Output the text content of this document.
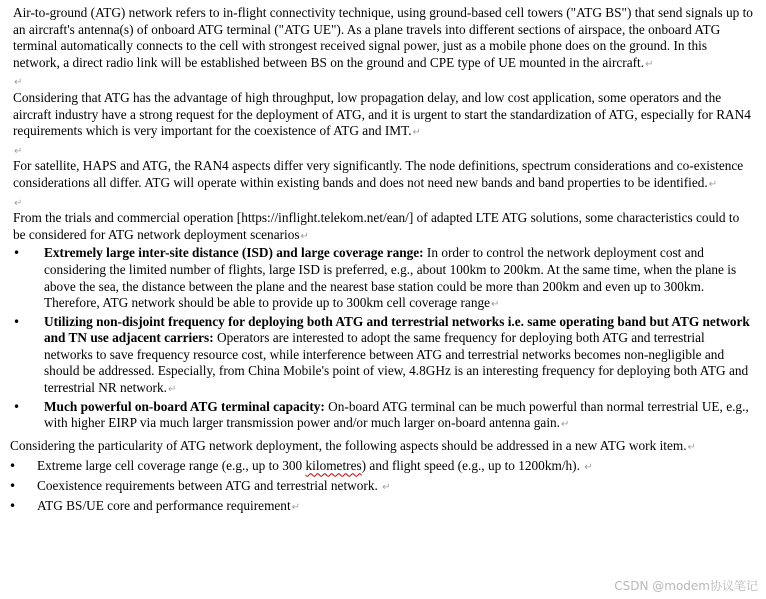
Air-to-ground (ATG) network refers to in-flight connectivity technique, using ground-based cell towers ("ATG BS") that send signals up to an aircraft's antenna(s) of onboard ATG terminal ("ATG UE"). As a plane travels into different sections of airspace, the onboard ATG terminal automatically connects to the cell with strongest received signal power, just as a mobile phone does on the ground. In this network, a direct radio link will be established between BS on the ground and CPE type of UE mounted in the aircraft.↵

↵

Considering that ATG has the advantage of high throughput, low propagation delay, and low cost application, some operators and the aircraft industry have a strong request for the deployment of ATG, and it is urgent to start the standardization of ATG, especially for RAN4 requirements which is very important for the coexistence of ATG and IMT.↵

↵

For satellite, HAPS and ATG, the RAN4 aspects differ very significantly. The node definitions, spectrum considerations and co-existence considerations all differ. ATG will operate within existing bands and does not need new bands and band properties to be identified.↵

↵

From the trials and commercial operation [https://inflight.telekom.net/ean/] of adapted LTE ATG solutions, some characteristics could to be considered for ATG network deployment scenarios↵

• Extremely large inter-site distance (ISD) and large coverage range: In order to control the network deployment cost and considering the limited number of flights, large ISD is preferred, e.g., about 100km to 200km. At the same time, when the plane is above the sea, the distance between the plane and the nearest base station could be more than 200km and even up to 300km. Therefore, ATG network should be able to provide up to 300km cell coverage range↵
• Utilizing non-disjoint frequency for deploying both ATG and terrestrial networks i.e. same operating band but ATG network and TN use adjacent carriers: Operators are interested to adopt the same frequency for deploying both ATG and terrestrial networks to save frequency resource cost, while interference between ATG and terrestrial networks becomes non-negligible and should be addressed. Especially, from China Mobile's point of view, 4.8GHz is an interesting frequency for deploying both ATG and terrestrial NR network.↵
• Much powerful on-board ATG terminal capacity: On-board ATG terminal can be much powerful than normal terrestrial UE, e.g., with higher EIRP via much larger transmission power and/or much larger on-board antenna gain.↵

Considering the particularity of ATG network deployment, the following aspects should be addressed in a new ATG work item.↵

• Extreme large cell coverage range (e.g., up to 300 kilometres) and flight speed (e.g., up to 1200km/h). ↵
• Coexistence requirements between ATG and terrestrial network. ↵
• ATG BS/UE core and performance requirement↵
CSDN @modem协议笔记
